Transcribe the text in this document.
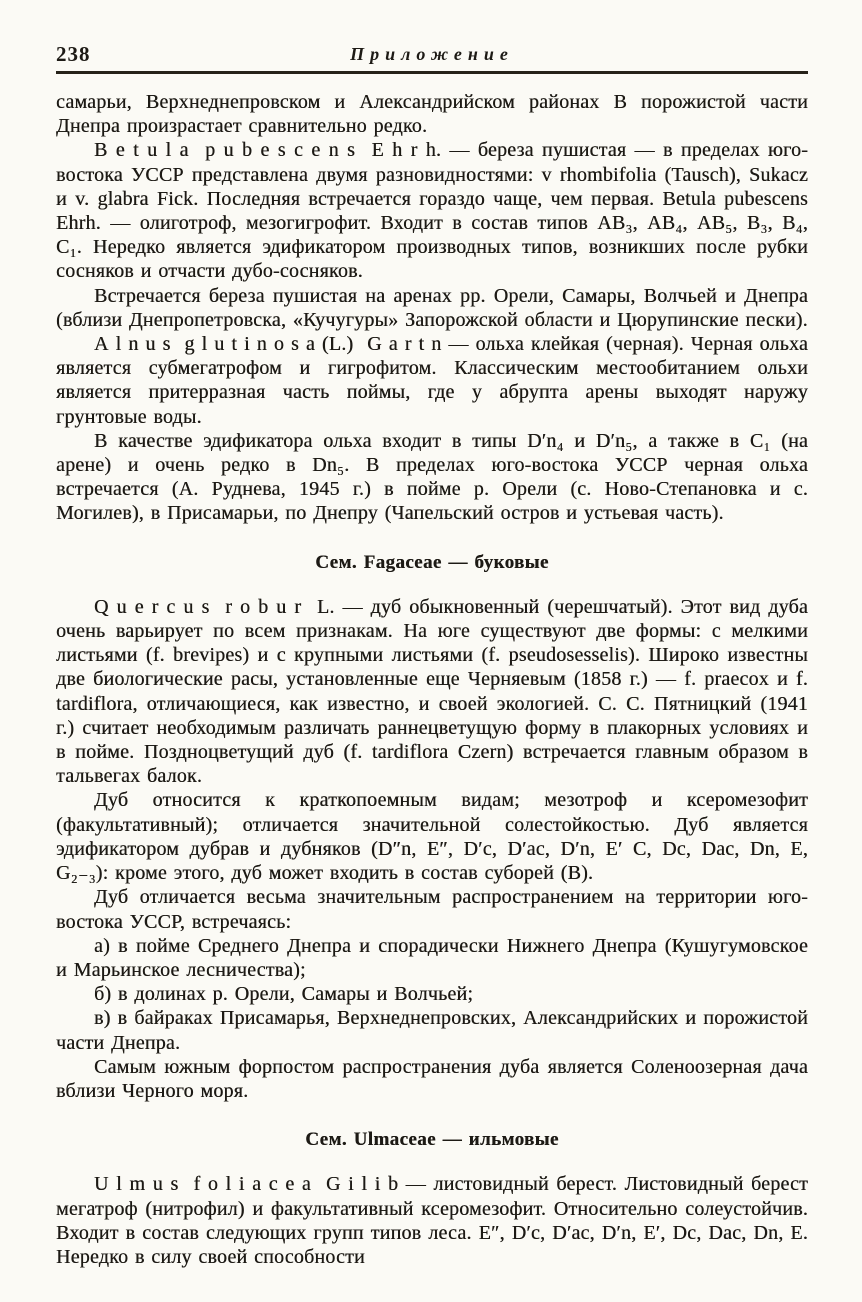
238	Приложение

самарьи, Верхнеднепровском и Александрийском районах В порожистой части Днепра произрастает сравнительно редко.

B e t u l a  p u b e s c e n s  E h r h. — береза пушистая — в пределах юго-востока УССР представлена двумя разновидностями: v rhombifolia (Tausch), Sukacz и v. glabra Fick. Последняя встречается гораздо чаще, чем первая. Betula pubescens Ehrh. — олиготроф, мезогигрофит. Входит в состав типов АВ₃, АВ₄, АВ₅, В₃, В₄, С₁. Нередко является эдификатором производных типов, возникших после рубки сосняков и отчасти дубо-сосняков.

Встречается береза пушистая на аренах рр. Орели, Самары, Волчьей и Днепра (вблизи Днепропетровска, «Кучугуры» Запорожской области и Цюрупинские пески).

A l n u s  g l u t i n o s a (L.)  G a r t n — ольха клейкая (черная). Черная ольха является субмегатрофом и гигрофитом. Классическим местообитанием ольхи является притерразная часть поймы, где у абрупта арены выходят наружу грунтовые воды.

В качестве эдификатора ольха входит в типы D′n₄ и D′n₅, а также в С₁ (на арене) и очень редко в Dn₅. В пределах юго-востока УССР черная ольха встречается (А. Руднева, 1945 г.) в пойме р. Орели (с. Ново-Степановка и с. Могилев), в Присамарьи, по Днепру (Чапельский остров и устьевая часть).

Сем. Fagaceae — буковые

Q u e r c u s  r o b u r  L. — дуб обыкновенный (черешчатый). Этот вид дуба очень варьирует по всем признакам. На юге существуют две формы: с мелкими листьями (f. brevipes) и с крупными листьями (f. pseudosesselis). Широко известны две биологические расы, установленные еще Черняевым (1858 г.) — f. praecox и f. tardiflora, отличающиеся, как известно, и своей экологией. С. С. Пятницкий (1941 г.) считает необходимым различать раннецветущую форму в плакорных условиях и в пойме. Поздноцветущий дуб (f. tardiflora Czern) встречается главным образом в тальвегах балок.

Дуб относится к краткопоемным видам; мезотроф и ксеромезофит (факультативный); отличается значительной солестойкостью. Дуб является эдификатором дубрав и дубняков (D″n, Е″, D′c, D′ac, D′n, Е′ С, Dc, Dac, Dn, E, G₂₋₃): кроме этого, дуб может входить в состав суборей (В).

Дуб отличается весьма значительным распространением на территории юго-востока УССР, встречаясь:

а) в пойме Среднего Днепра и спорадически Нижнего Днепра (Кушугумовское и Марьинское лесничества);

б) в долинах р. Орели, Самары и Волчьей;

в) в байраках Присамарья, Верхнеднепровских, Александрийских и порожистой части Днепра.

Самым южным форпостом распространения дуба является Соленоозерная дача вблизи Черного моря.

Сем. Ulmaceae — ильмовые

U l m u s  f o l i a c e a  G i l i b — листовидный берест. Листовидный берест мегатроф (нитрофил) и факультативный ксеромезофит. Относительно солеустойчив. Входит в состав следующих групп типов леса. Е″, D′c, D′ac, D′n, Е′, Dc, Dac, Dn, E. Нередко в силу своей способности
